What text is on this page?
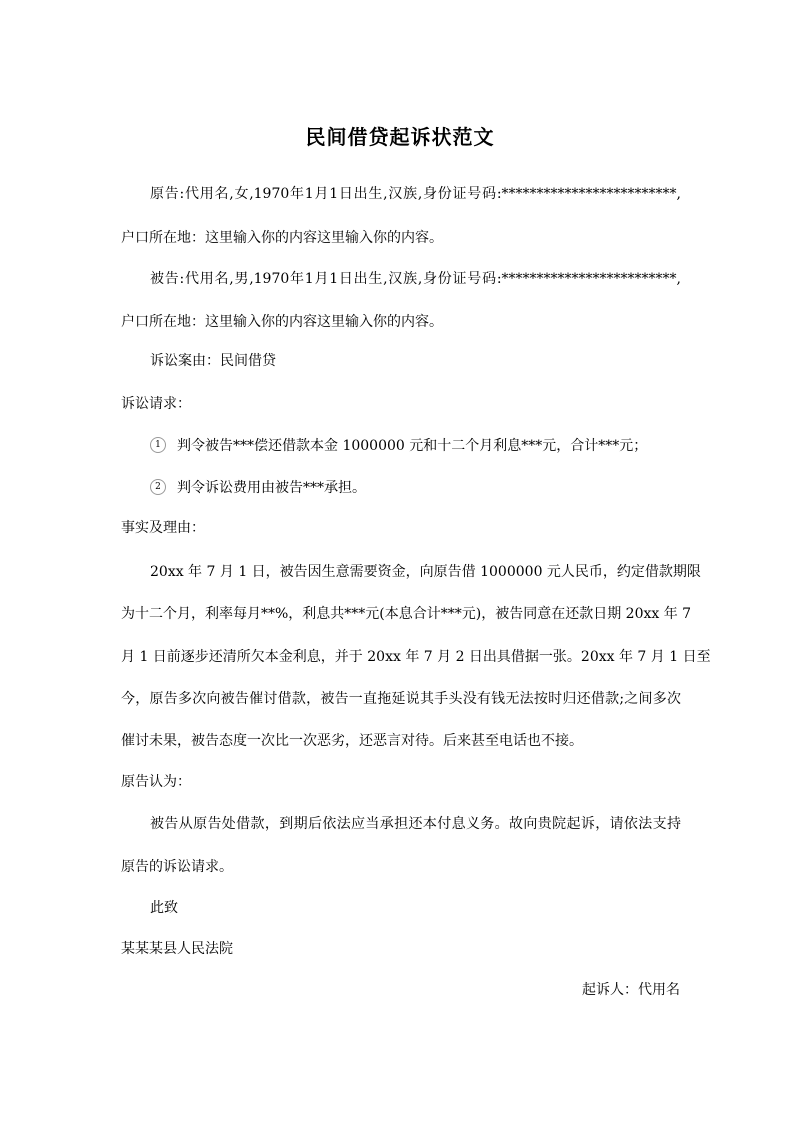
民间借贷起诉状范文
原告:代用名,女,1970年1月1日出生,汉族,身份证号码:*************************,
户口所在地：这里输入你的内容这里输入你的内容。
被告:代用名,男,1970年1月1日出生,汉族,身份证号码:*************************,
户口所在地：这里输入你的内容这里输入你的内容。
诉讼案由：民间借贷
诉讼请求：
1 判令被告***偿还借款本金 1000000 元和十二个月利息***元，合计***元；
2 判令诉讼费用由被告***承担。
事实及理由：
20xx 年 7 月 1 日，被告因生意需要资金，向原告借 1000000 元人民币，约定借款期限
为十二个月，利率每月**%，利息共***元(本息合计***元)，被告同意在还款日期 20xx 年 7
月 1 日前逐步还清所欠本金利息，并于 20xx 年 7 月 2 日出具借据一张。20xx 年 7 月 1 日至
今，原告多次向被告催讨借款，被告一直拖延说其手头没有钱无法按时归还借款;之间多次
催讨未果，被告态度一次比一次恶劣，还恶言对待。后来甚至电话也不接。
原告认为：
被告从原告处借款，到期后依法应当承担还本付息义务。故向贵院起诉，请依法支持
原告的诉讼请求。
此致
某某某县人民法院
起诉人：代用名
